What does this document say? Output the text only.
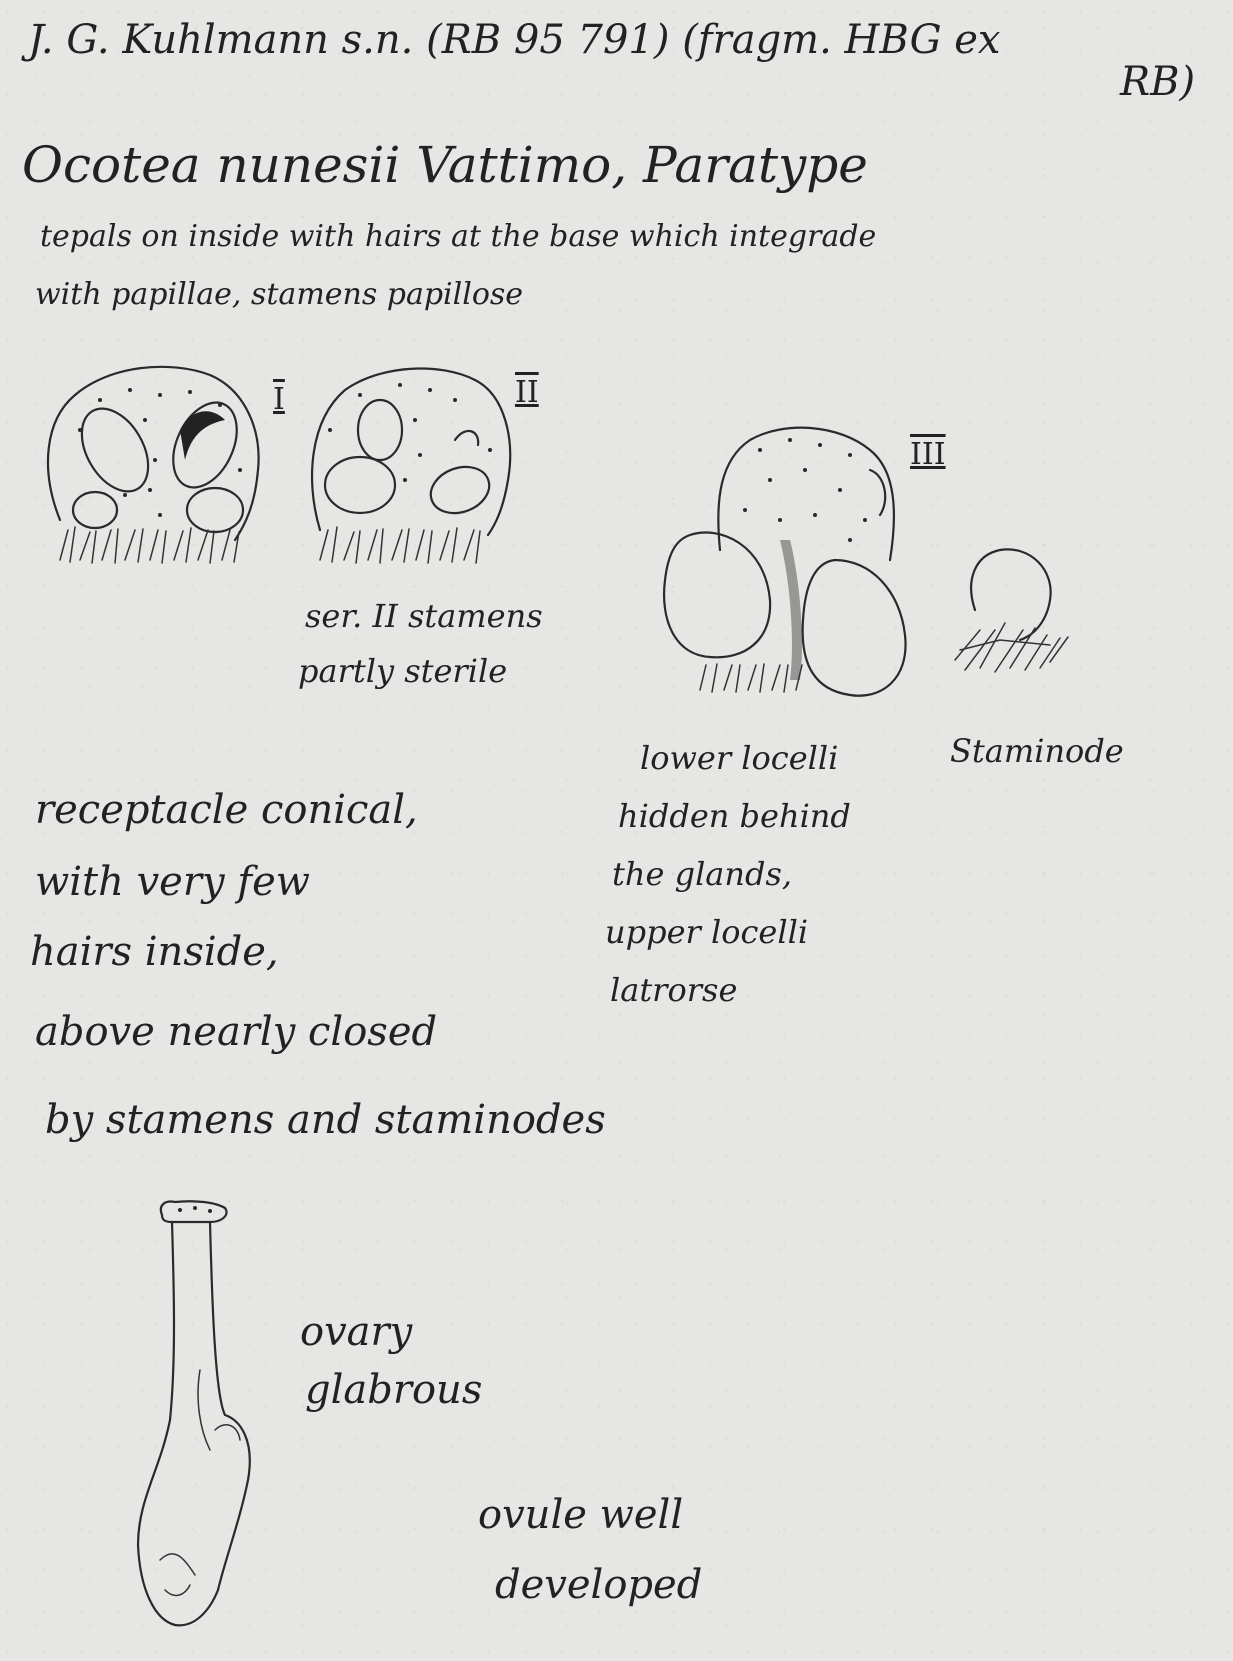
J. G. Kuhlmann s.n. (RB 95 791) (fragm. HBG ex
RB)
Ocotea nunesii Vattimo, Paratype
tepals on inside with hairs at the base which integrade
with papillae, stamens papillose
I	II
III
ser. II stamens
partly sterile
Staminode
lower locelli
hidden behind
the glands,
upper locelli
latrorse
receptacle conical,
with very few
hairs inside,
above nearly closed
by stamens and staminodes
ovary
glabrous
ovule well
developed
